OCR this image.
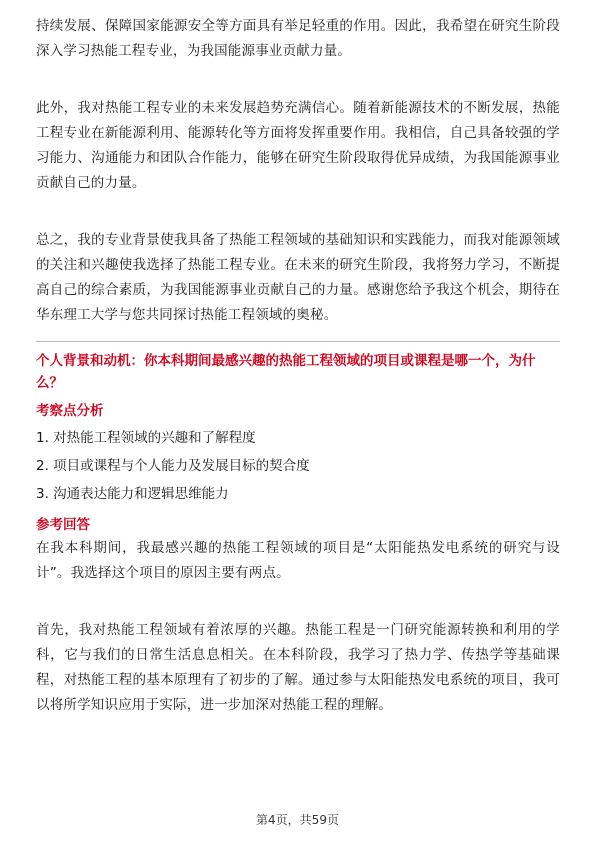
持续发展、保障国家能源安全等方面具有举足轻重的作用。因此，我希望在研究生阶段深入学习热能工程专业，为我国能源事业贡献力量。

此外，我对热能工程专业的未来发展趋势充满信心。随着新能源技术的不断发展，热能工程专业在新能源利用、能源转化等方面将发挥重要作用。我相信，自己具备较强的学习能力、沟通能力和团队合作能力，能够在研究生阶段取得优异成绩，为我国能源事业贡献自己的力量。

总之，我的专业背景使我具备了热能工程领域的基础知识和实践能力，而我对能源领域的关注和兴趣使我选择了热能工程专业。在未来的研究生阶段，我将努力学习，不断提高自己的综合素质，为我国能源事业贡献自己的力量。感谢您给予我这个机会，期待在华东理工大学与您共同探讨热能工程领域的奥秘。

个人背景和动机：你本科期间最感兴趣的热能工程领域的项目或课程是哪一个，为什么？
考察点分析
1. 对热能工程领域的兴趣和了解程度
2. 项目或课程与个人能力及发展目标的契合度
3. 沟通表达能力和逻辑思维能力
参考回答

在我本科期间，我最感兴趣的热能工程领域的项目是“太阳能热发电系统的研究与设计”。我选择这个项目的原因主要有两点。

首先，我对热能工程领域有着浓厚的兴趣。热能工程是一门研究能源转换和利用的学科，它与我们的日常生活息息相关。在本科阶段，我学习了热力学、传热学等基础课程，对热能工程的基本原理有了初步的了解。通过参与太阳能热发电系统的项目，我可以将所学知识应用于实际，进一步加深对热能工程的理解。

第4页，共59页
